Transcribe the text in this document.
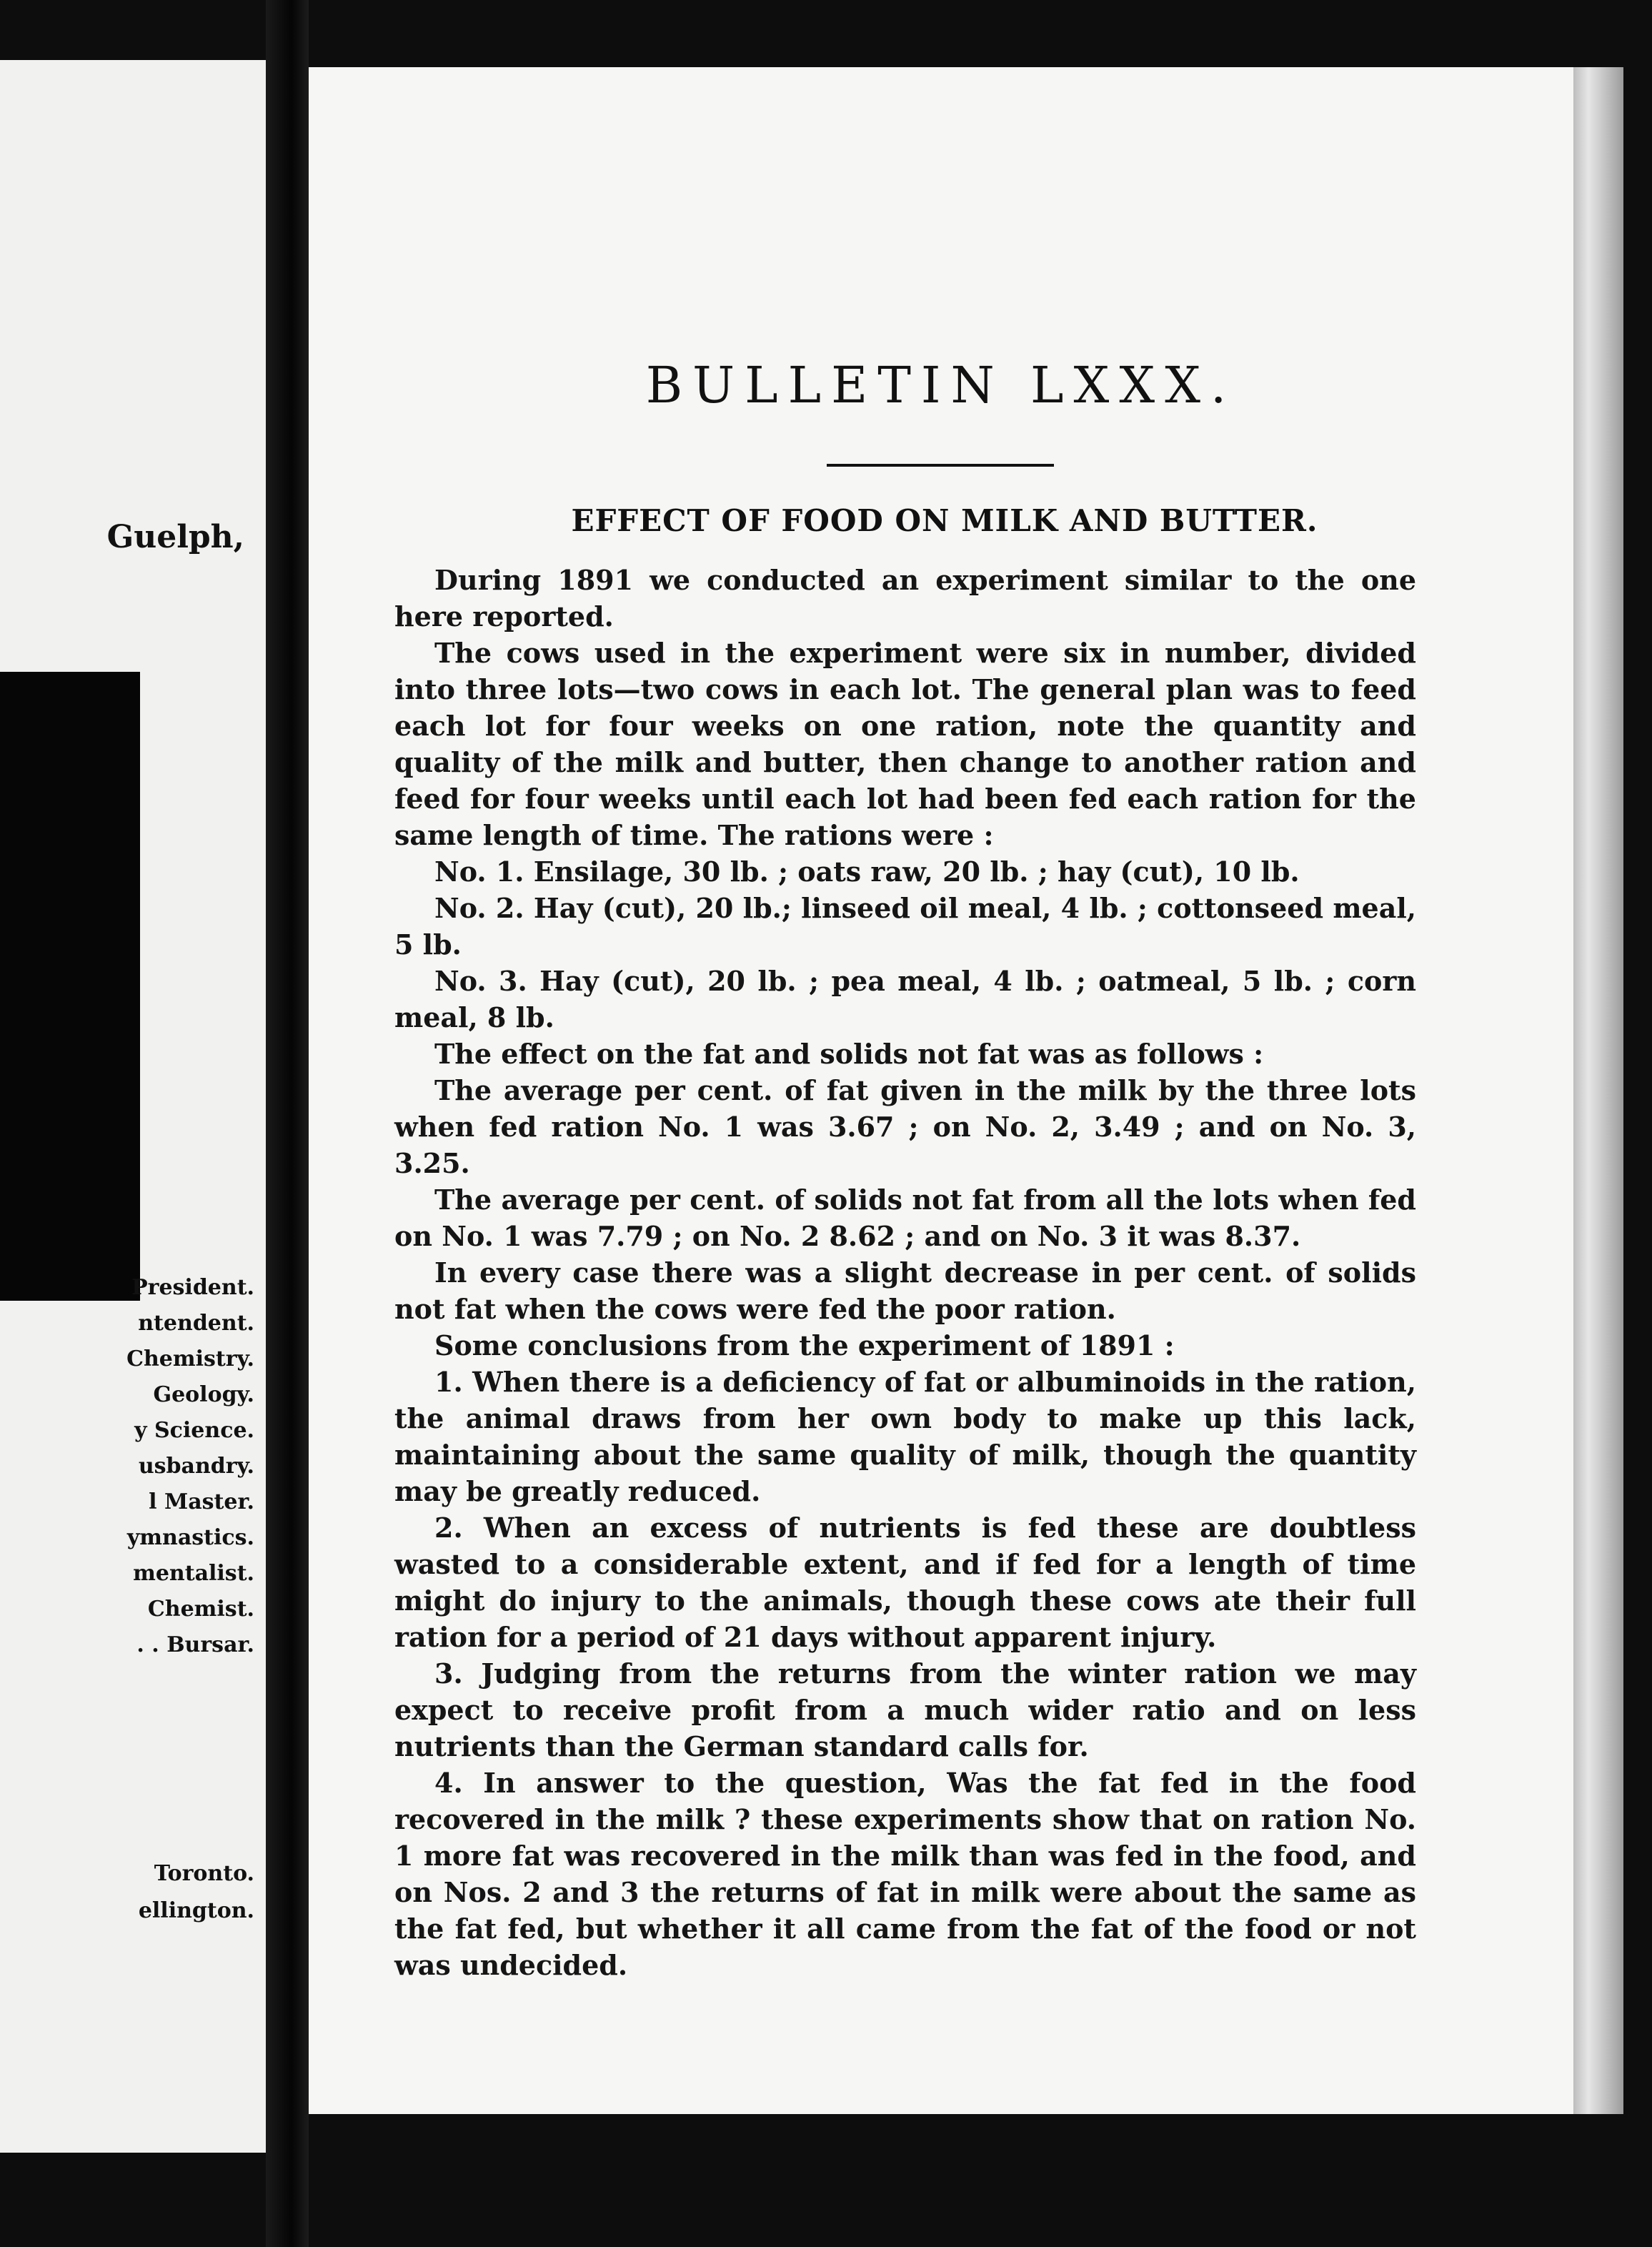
Guelph,
President.
ntendent.
Chemistry.
Geology.
y Science.
usbandry.
l Master.
ymnastics.
mentalist.
Chemist.
. . Bursar.
Toronto.
ellington.
BULLETIN LXXX.
EFFECT OF FOOD ON MILK AND BUTTER.

During 1891 we conducted an experiment similar to the one here reported.

The cows used in the experiment were six in number, divided into three lots—two cows in each lot. The general plan was to feed each lot for four weeks on one ration, note the quantity and quality of the milk and butter, then change to another ration and feed for four weeks until each lot had been fed each ration for the same length of time. The rations were :

No. 1. Ensilage, 30 lb. ; oats raw, 20 lb. ; hay (cut), 10 lb.

No. 2. Hay (cut), 20 lb.; linseed oil meal, 4 lb. ; cottonseed meal, 5 lb.

No. 3. Hay (cut), 20 lb. ; pea meal, 4 lb. ; oatmeal, 5 lb. ; corn meal, 8 lb.

The effect on the fat and solids not fat was as follows :

The average per cent. of fat given in the milk by the three lots when fed ration No. 1 was 3.67 ; on No. 2, 3.49 ; and on No. 3, 3.25.

The average per cent. of solids not fat from all the lots when fed on No. 1 was 7.79 ; on No. 2 8.62 ; and on No. 3 it was 8.37.

In every case there was a slight decrease in per cent. of solids not fat when the cows were fed the poor ration.

Some conclusions from the experiment of 1891 :

1. When there is a deficiency of fat or albuminoids in the ration, the animal draws from her own body to make up this lack, maintaining about the same quality of milk, though the quantity may be greatly reduced.

2. When an excess of nutrients is fed these are doubtless wasted to a considerable extent, and if fed for a length of time might do injury to the animals, though these cows ate their full ration for a period of 21 days without apparent injury.

3. Judging from the returns from the winter ration we may expect to receive profit from a much wider ratio and on less nutrients than the German standard calls for.

4. In answer to the question, Was the fat fed in the food recovered in the milk ? these experiments show that on ration No. 1 more fat was recovered in the milk than was fed in the food, and on Nos. 2 and 3 the returns of fat in milk were about the same as the fat fed, but whether it all came from the fat of the food or not was undecided.
